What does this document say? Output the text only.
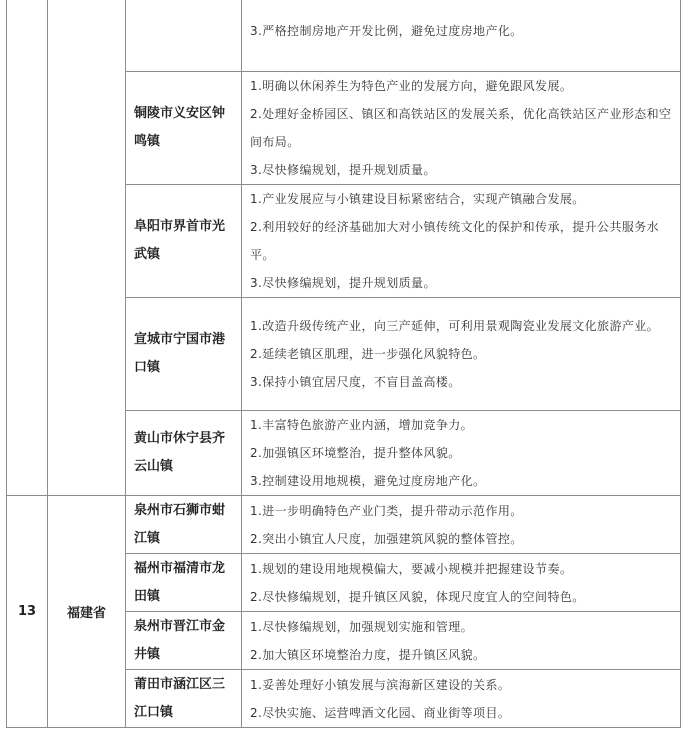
			3.严格控制房地产开发比例，避免过度房地产化。

		铜陵市义安区钟鸣镇	1.明确以休闲养生为特色产业的发展方向，避免跟风发展。
2.处理好金桥园区、镇区和高铁站区的发展关系，优化高铁站区产业形态和空间布局。
3.尽快修编规划，提升规划质量。

		阜阳市界首市光武镇	1.产业发展应与小镇建设目标紧密结合，实现产镇融合发展。
2.利用较好的经济基础加大对小镇传统文化的保护和传承，提升公共服务水平。
3.尽快修编规划，提升规划质量。

		宣城市宁国市港口镇	1.改造升级传统产业，向三产延伸，可利用景观陶瓷业发展文化旅游产业。
2.延续老镇区肌理，进一步强化风貌特色。
3.保持小镇宜居尺度，不盲目盖高楼。

		黄山市休宁县齐云山镇	1.丰富特色旅游产业内涵，增加竞争力。
2.加强镇区环境整治，提升整体风貌。
3.控制建设用地规模，避免过度房地产化。

13	福建省	泉州市石狮市蚶江镇	1.进一步明确特色产业门类，提升带动示范作用。
2.突出小镇宜人尺度，加强建筑风貌的整体管控。

		福州市福清市龙田镇	1.规划的建设用地规模偏大，要减小规模并把握建设节奏。
2.尽快修编规划，提升镇区风貌，体现尺度宜人的空间特色。

		泉州市晋江市金井镇	1.尽快修编规划，加强规划实施和管理。
2.加大镇区环境整治力度，提升镇区风貌。

		莆田市涵江区三江口镇	1.妥善处理好小镇发展与滨海新区建设的关系。
2.尽快实施、运营啤酒文化园、商业街等项目。
